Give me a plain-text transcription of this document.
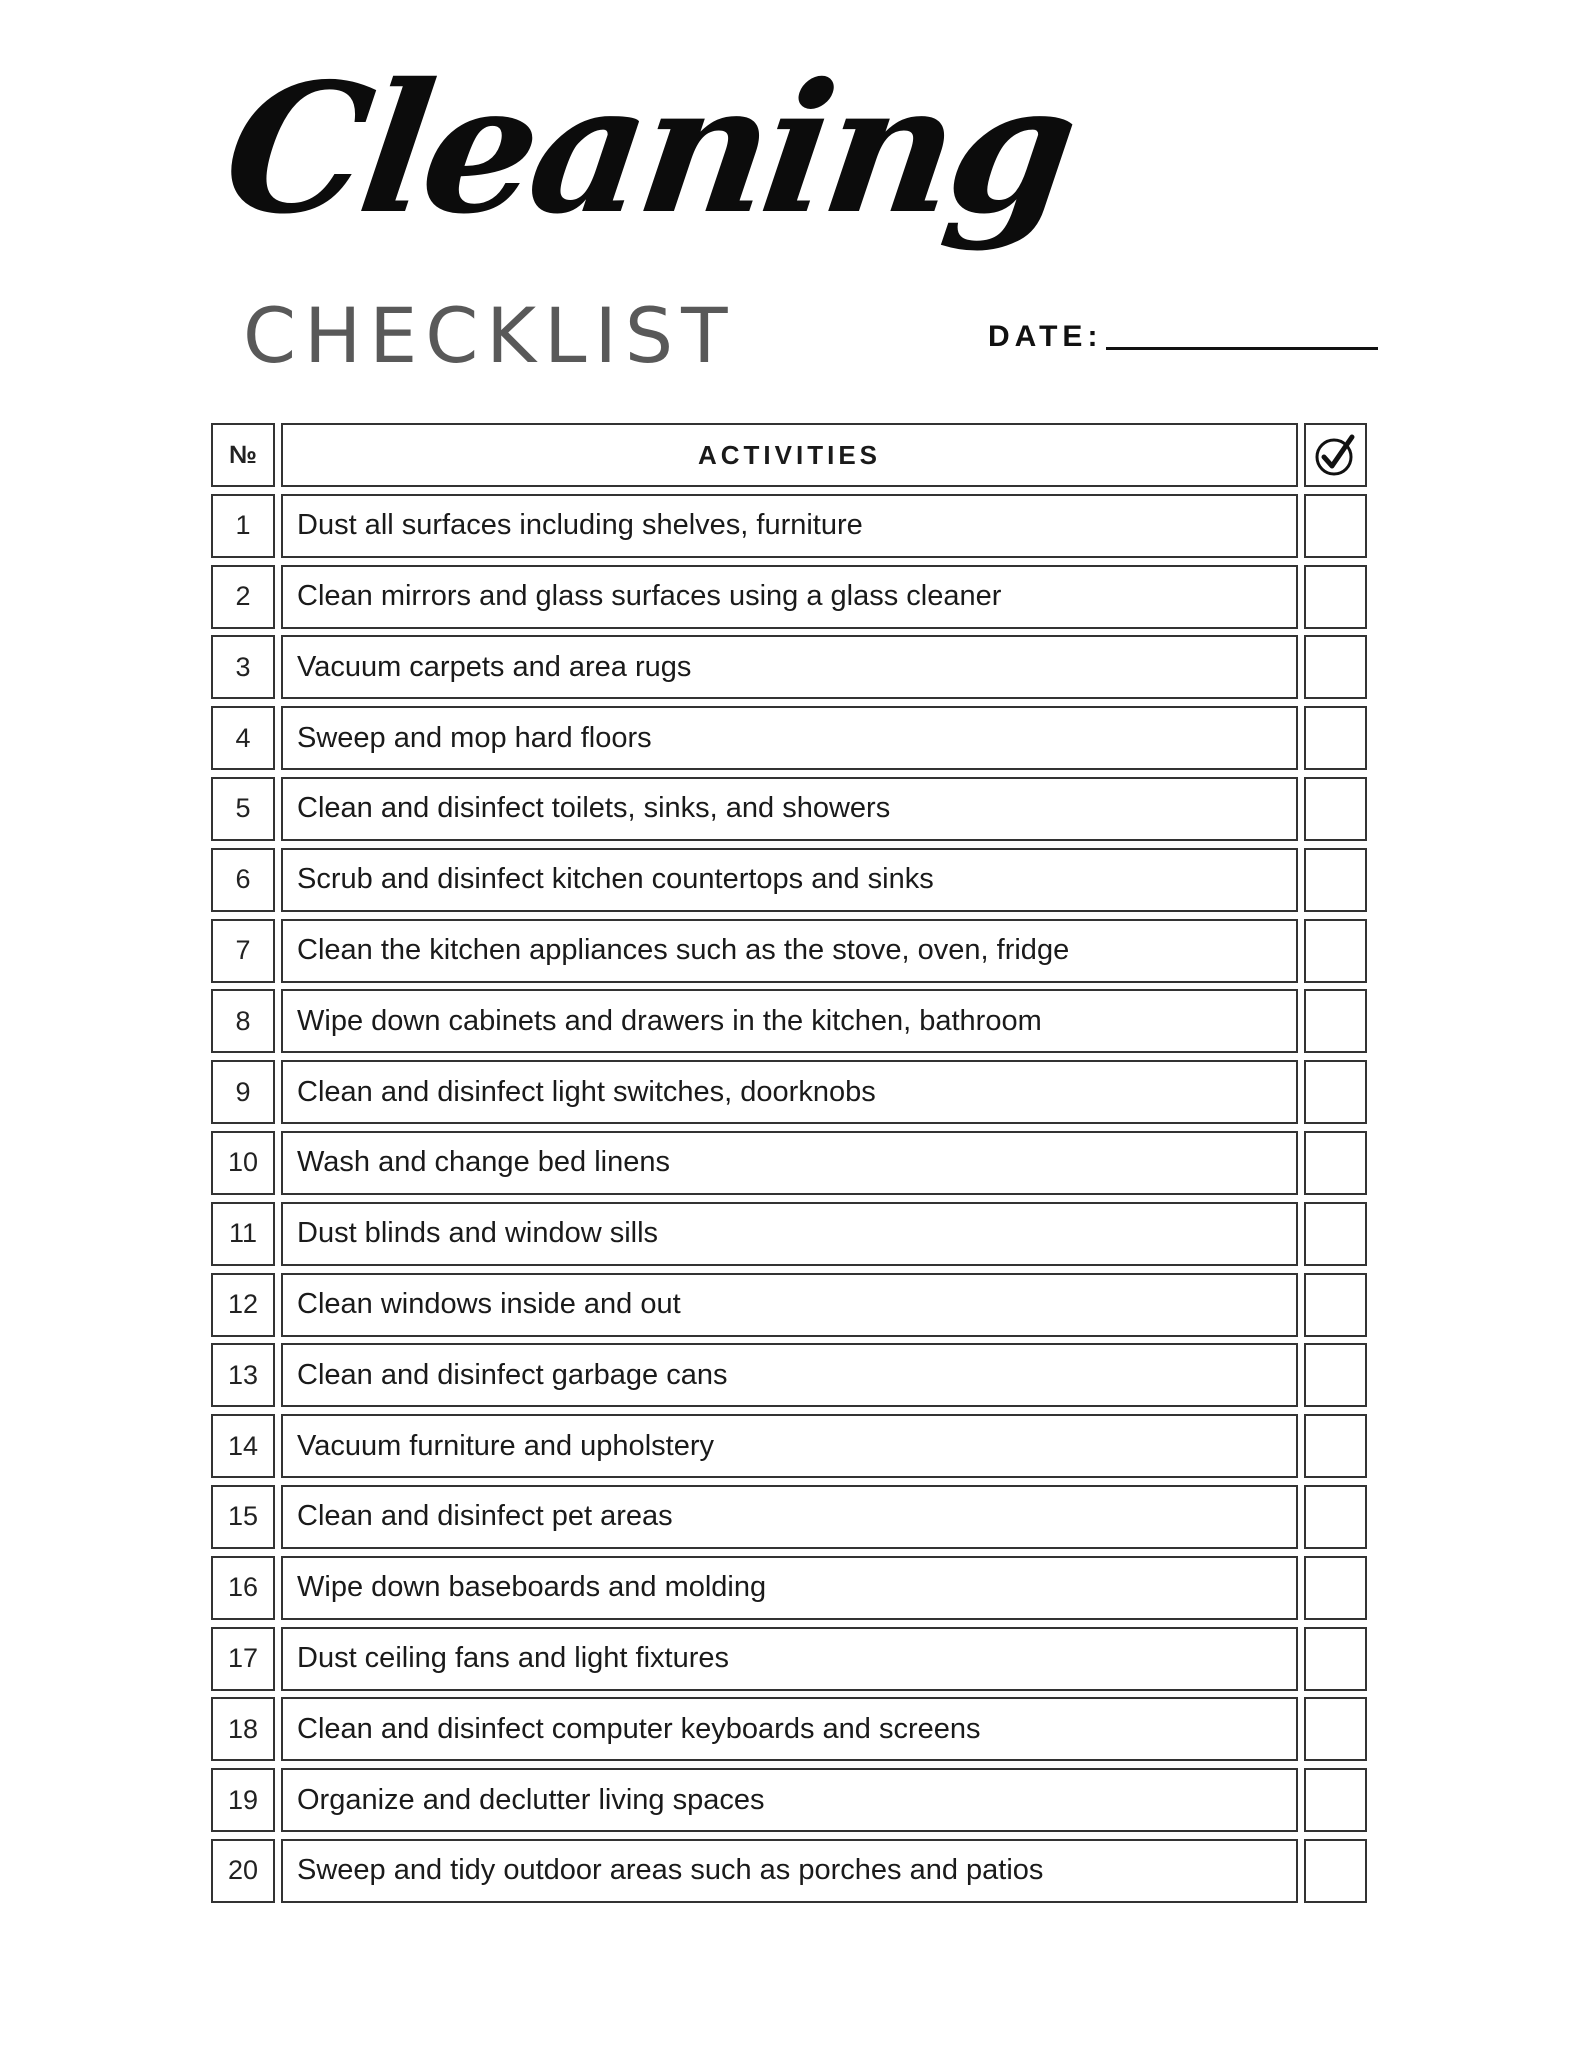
Cleaning
CHECKLIST	DATE:
№	ACTIVITIES
1	Dust all surfaces including shelves, furniture
2	Clean mirrors and glass surfaces using a glass cleaner
3	Vacuum carpets and area rugs
4	Sweep and mop hard floors
5	Clean and disinfect toilets, sinks, and showers
6	Scrub and disinfect kitchen countertops and sinks
7	Clean the kitchen appliances such as the stove, oven, fridge
8	Wipe down cabinets and drawers in the kitchen, bathroom
9	Clean and disinfect light switches, doorknobs
10	Wash and change bed linens
11	Dust blinds and window sills
12	Clean windows inside and out
13	Clean and disinfect garbage cans
14	Vacuum furniture and upholstery
15	Clean and disinfect pet areas
16	Wipe down baseboards and molding
17	Dust ceiling fans and light fixtures
18	Clean and disinfect computer keyboards and screens
19	Organize and declutter living spaces
20	Sweep and tidy outdoor areas such as porches and patios
